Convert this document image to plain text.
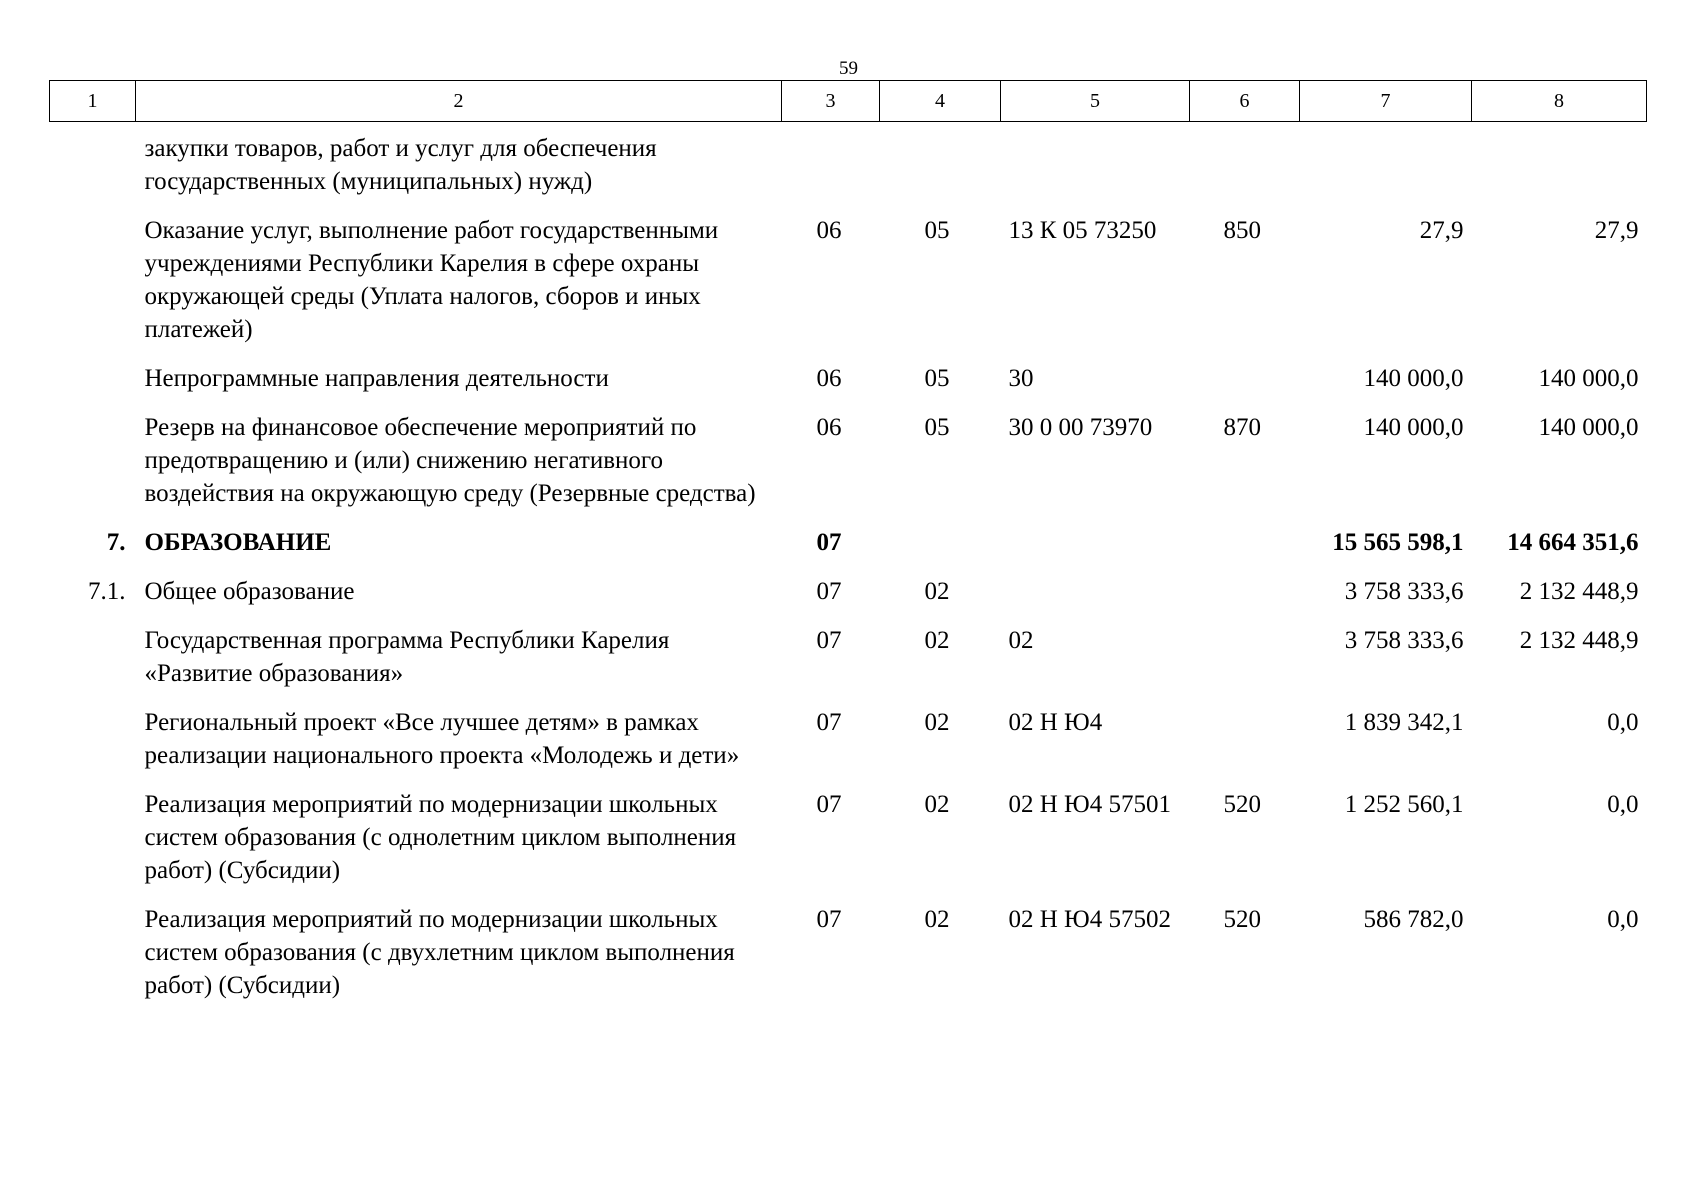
59
1	2	3	4	5	6	7	8
	закупки товаров, работ и услуг для обеспечения государственных (муниципальных) нужд)						
	Оказание услуг, выполнение работ государственными учреждениями Республики Карелия в сфере охраны окружающей среды (Уплата налогов, сборов и иных платежей)	06	05	13 К 05 73250	850	27,9	27,9
	Непрограммные направления деятельности	06	05	30		140 000,0	140 000,0
	Резерв на финансовое обеспечение мероприятий по предотвращению и (или) снижению негативного воздействия на окружающую среду (Резервные средства)	06	05	30 0 00 73970	870	140 000,0	140 000,0
7.	ОБРАЗОВАНИЕ	07				15 565 598,1	14 664 351,6
7.1.	Общее образование	07	02			3 758 333,6	2 132 448,9
	Государственная программа Республики Карелия «Развитие образования»	07	02	02		3 758 333,6	2 132 448,9
	Региональный проект «Все лучшее детям» в рамках реализации национального проекта «Молодежь и дети»	07	02	02 Н Ю4		1 839 342,1	0,0
	Реализация мероприятий по модернизации школьных систем образования (с однолетним циклом выполнения работ) (Субсидии)	07	02	02 Н Ю4 57501	520	1 252 560,1	0,0
	Реализация мероприятий по модернизации школьных систем образования (с двухлетним циклом выполнения работ) (Субсидии)	07	02	02 Н Ю4 57502	520	586 782,0	0,0
